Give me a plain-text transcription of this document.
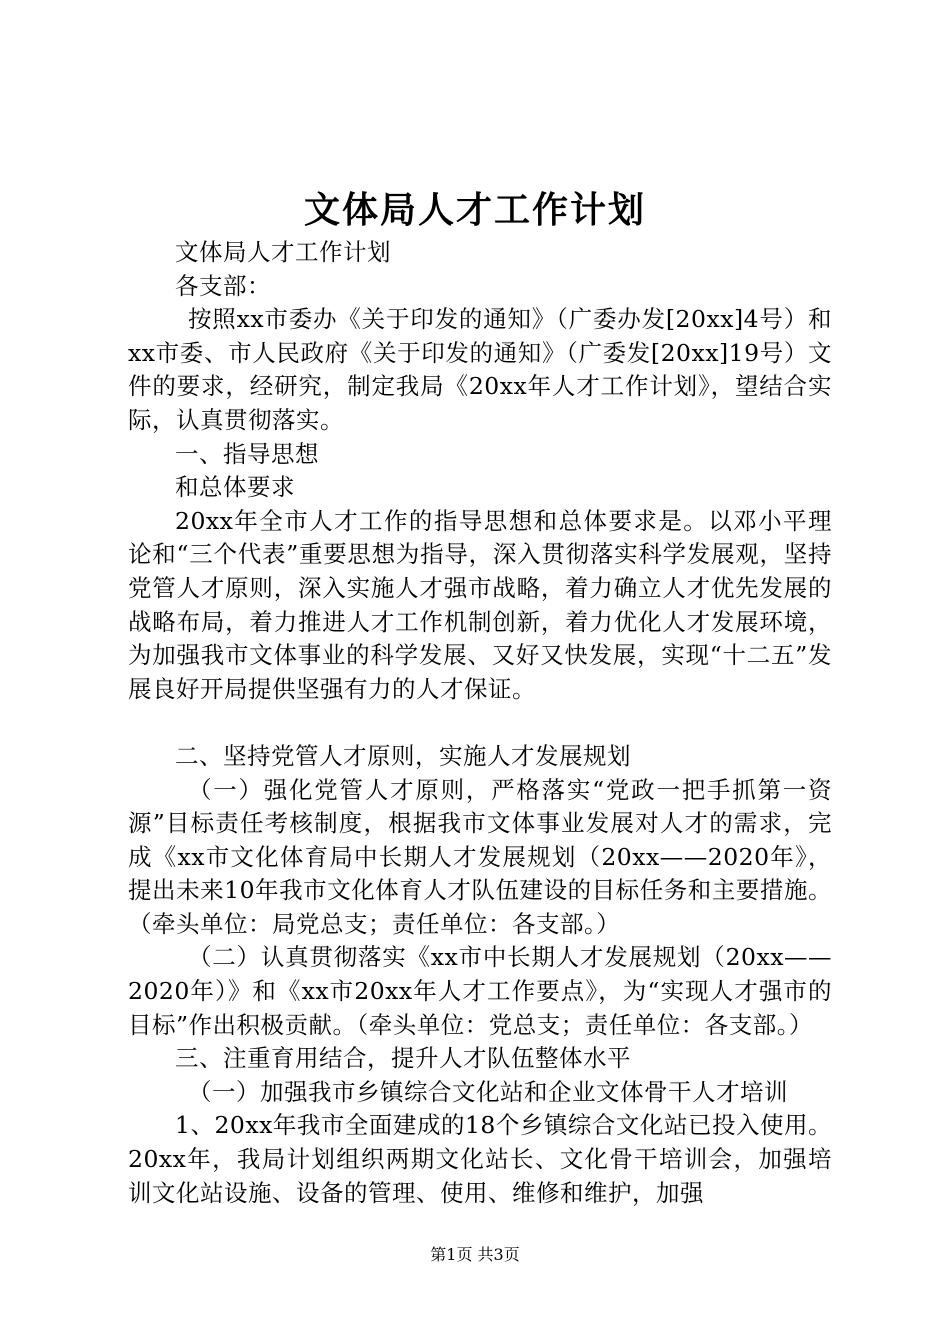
文体局人才工作计划

文体局人才工作计划

各支部：

按照xx市委办《关于印发的通知》（广委办发[20xx]4号）和xx市委、市人民政府《关于印发的通知》（广委发[20xx]19号）文件的要求，经研究，制定我局《20xx年人才工作计划》，望结合实际，认真贯彻落实。

一、指导思想

和总体要求

20xx年全市人才工作的指导思想和总体要求是。以邓小平理论和“三个代表”重要思想为指导，深入贯彻落实科学发展观，坚持党管人才原则，深入实施人才强市战略，着力确立人才优先发展的战略布局，着力推进人才工作机制创新，着力优化人才发展环境，为加强我市文体事业的科学发展、又好又快发展，实现“十二五”发展良好开局提供坚强有力的人才保证。

二、坚持党管人才原则，实施人才发展规划

（一）强化党管人才原则，严格落实“党政一把手抓第一资源”目标责任考核制度，根据我市文体事业发展对人才的需求，完成《xx市文化体育局中长期人才发展规划（20xx——2020年》，提出未来10年我市文化体育人才队伍建设的目标任务和主要措施。（牵头单位：局党总支；责任单位：各支部。）

（二）认真贯彻落实《xx市中长期人才发展规划（20xx——2020年）》和《xx市20xx年人才工作要点》，为“实现人才强市的目标”作出积极贡献。（牵头单位：党总支；责任单位：各支部。）

三、注重育用结合，提升人才队伍整体水平

（一）加强我市乡镇综合文化站和企业文体骨干人才培训

1、20xx年我市全面建成的18个乡镇综合文化站已投入使用。20xx年，我局计划组织两期文化站长、文化骨干培训会，加强培训文化站设施、设备的管理、使用、维修和维护，加强

第1页 共3页
